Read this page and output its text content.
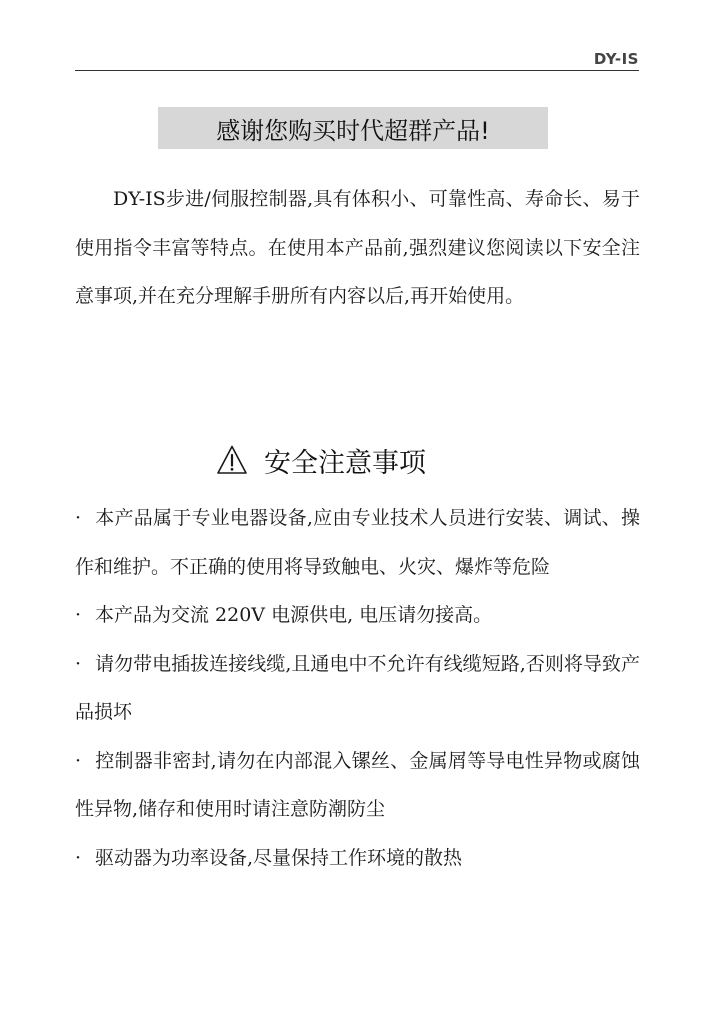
DY-IS
感谢您购买时代超群产品!

DY-IS步进/伺服控制器,具有体积小、可靠性高、寿命长、易于使用指令丰富等特点。在使用本产品前,强烈建议您阅读以下安全注意事项,并在充分理解手册所有内容以后,再开始使用。

安全注意事项
· 本产品属于专业电器设备,应由专业技术人员进行安装、调试、操作和维护。不正确的使用将导致触电、火灾、爆炸等危险
· 本产品为交流 220V 电源供电, 电压请勿接高。
· 请勿带电插拔连接线缆,且通电中不允许有线缆短路,否则将导致产品损坏
· 控制器非密封,请勿在内部混入镙丝、金属屑等导电性异物或腐蚀性异物,储存和使用时请注意防潮防尘
· 驱动器为功率设备,尽量保持工作环境的散热
